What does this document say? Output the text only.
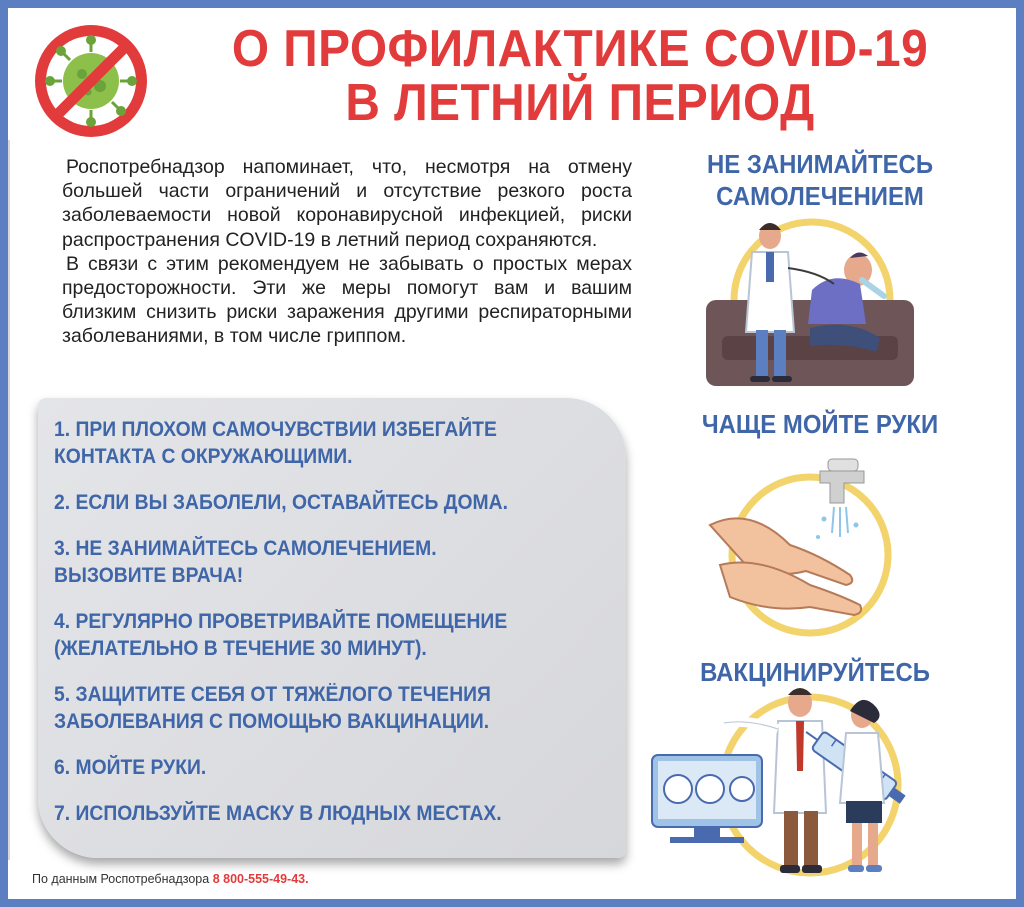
О ПРОФИЛАКТИКЕ COVID-19
В ЛЕТНИЙ ПЕРИОД

Роспотребнадзор напоминает, что, несмотря на отмену большей части ограничений и отсутствие резкого роста заболеваемости новой коронавирусной инфекцией, риски распространения COVID-19 в летний период сохраняются.

В связи с этим рекомендуем не забывать о простых мерах предосторожности. Эти же меры помогут вам и вашим близким снизить риски заражения другими респираторными заболеваниями, в том числе гриппом.

1. ПРИ ПЛОХОМ САМОЧУВСТВИИ ИЗБЕГАЙТЕ
КОНТАКТА С ОКРУЖАЮЩИМИ.
2. ЕСЛИ ВЫ ЗАБОЛЕЛИ, ОСТАВАЙТЕСЬ ДОМА.
3. НЕ ЗАНИМАЙТЕСЬ САМОЛЕЧЕНИЕМ.
ВЫЗОВИТЕ ВРАЧА!
4. РЕГУЛЯРНО ПРОВЕТРИВАЙТЕ ПОМЕЩЕНИЕ
(ЖЕЛАТЕЛЬНО В ТЕЧЕНИЕ 30 МИНУТ).
5. ЗАЩИТИТЕ СЕБЯ ОТ ТЯЖЁЛОГО ТЕЧЕНИЯ
ЗАБОЛЕВАНИЯ С ПОМОЩЬЮ ВАКЦИНАЦИИ.
6. МОЙТЕ РУКИ.
7. ИСПОЛЬЗУЙТЕ МАСКУ В ЛЮДНЫХ МЕСТАХ.
По данным Роспотребнадзора 8 800-555-49-43.
НЕ ЗАНИМАЙТЕСЬ
САМОЛЕЧЕНИЕМ
ЧАЩЕ МОЙТЕ РУКИ
ВАКЦИНИРУЙТЕСЬ
